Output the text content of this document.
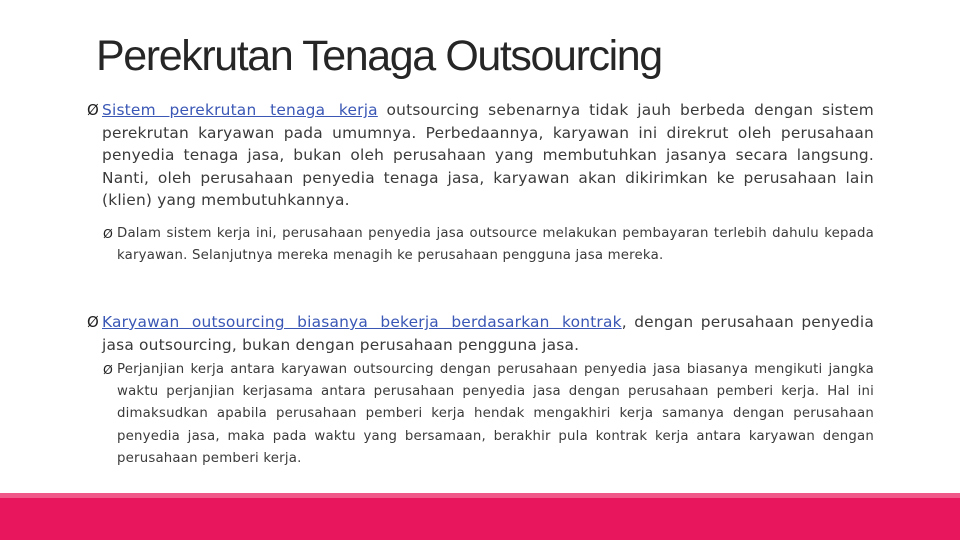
Perekrutan Tenaga Outsourcing
Ø Sistem perekrutan tenaga kerja outsourcing sebenarnya tidak jauh berbeda dengan sistem perekrutan karyawan pada umumnya. Perbedaannya, karyawan ini direkrut oleh perusahaan penyedia tenaga jasa, bukan oleh perusahaan yang membutuhkan jasanya secara langsung. Nanti, oleh perusahaan penyedia tenaga jasa, karyawan akan dikirimkan ke perusahaan lain (klien) yang membutuhkannya.
Ø Dalam sistem kerja ini, perusahaan penyedia jasa outsource melakukan pembayaran terlebih dahulu kepada karyawan. Selanjutnya mereka menagih ke perusahaan pengguna jasa mereka.
Ø Karyawan outsourcing biasanya bekerja berdasarkan kontrak, dengan perusahaan penyedia jasa outsourcing, bukan dengan perusahaan pengguna jasa.
Ø Perjanjian kerja antara karyawan outsourcing dengan perusahaan penyedia jasa biasanya mengikuti jangka waktu perjanjian kerjasama antara perusahaan penyedia jasa dengan perusahaan pemberi kerja. Hal ini dimaksudkan apabila perusahaan pemberi kerja hendak mengakhiri kerja samanya dengan perusahaan penyedia jasa, maka pada waktu yang bersamaan, berakhir pula kontrak kerja antara karyawan dengan perusahaan pemberi kerja.
